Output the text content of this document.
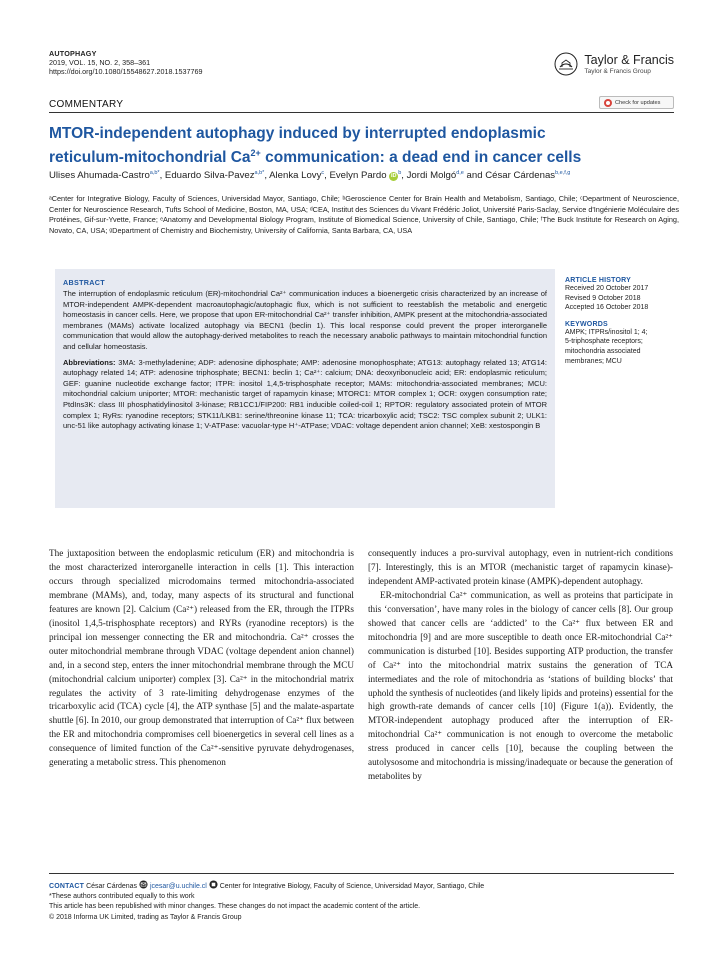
AUTOPHAGY
2019, VOL. 15, NO. 2, 358–361
https://doi.org/10.1080/15548627.2018.1537769
Taylor & Francis
Taylor & Francis Group
COMMENTARY	Check for updates
MTOR-independent autophagy induced by interrupted endoplasmic
reticulum-mitochondrial $Ca^{2+}$ communication: a dead end in cancer cells
Ulises Ahumada-Castro$^{a,b*}$, Eduardo Silva-Pavez$^{a,b*}$, Alenka Lovy$^c$, Evelyn Pardo $iD^b$, Jordi Molgó$^{d,e}$ and César Cárdenas$^{b,e,f,g}$
ᵃCenter for Integrative Biology, Faculty of Sciences, Universidad Mayor, Santiago, Chile; ᵇGeroscience Center for Brain Health and Metabolism, Santiago, Chile; ᶜDepartment of Neuroscience, Center for Neuroscience Research, Tufts School of Medicine, Boston, MA, USA; ᵈCEA, Institut des Sciences du Vivant Frédéric Joliot, Université Paris-Saclay, Service d'Ingénierie Moléculaire des Protéines, Gif-sur-Yvette, France; ᵉAnatomy and Developmental Biology Program, Institute of Biomedical Science, University of Chile, Santiago, Chile; ᶠThe Buck Institute for Research on Aging, Novato, CA, USA; ᵍDepartment of Chemistry and Biochemistry, University of California, Santa Barbara, CA, USA
ABSTRACT
The interruption of endoplasmic reticulum (ER)-mitochondrial Ca²⁺ communication induces a bioenergetic crisis characterized by an increase of MTOR-independent AMPK-dependent macroautophagic/autophagic flux, which is not sufficient to reestablish the metabolic and energetic homeostasis in cancer cells. Here, we propose that upon ER-mitochondrial Ca²⁺ transfer inhibition, AMPK present at the mitochondria-associated membranes (MAMs) activate localized autophagy via BECN1 (beclin 1). This local response could prevent the proper interorganelle communication that would allow the autophagy-derived metabolites to reach the necessary anabolic pathways to maintain mitochondrial function and cellular homeostasis.
Abbreviations: 3MA: 3-methyladenine; ADP: adenosine diphosphate; AMP: adenosine monophosphate; ATG13: autophagy related 13; ATG14: autophagy related 14; ATP: adenosine triphosphate; BECN1: beclin 1; Ca²⁺: calcium; DNA: deoxyribonucleic acid; ER: endoplasmic reticulum; GEF: guanine nucleotide exchange factor; ITPR: inositol 1,4,5-trisphosphate receptor; MAMs: mitochondria-associated membranes; MCU: mitochondrial calcium uniporter; MTOR: mechanistic target of rapamycin kinase; MTORC1: MTOR complex 1; OCR: oxygen consumption rate; PtdIns3K: class III phosphatidylinositol 3-kinase; RB1CC1/FIP200: RB1 inducible coiled-coil 1; RPTOR: regulatory associated protein of MTOR complex 1; RyRs: ryanodine receptors; STK11/LKB1: serine/threonine kinase 11; TCA: tricarboxylic acid; TSC2: TSC complex subunit 2; ULK1: unc-51 like autophagy activating kinase 1; V-ATPase: vacuolar-type H⁺-ATPase; VDAC: voltage dependent anion channel; XeB: xestospongin B
ARTICLE HISTORY
Received 20 October 2017
Revised 9 October 2018
Accepted 16 October 2018
KEYWORDS
AMPK; ITPRs/inositol 1; 4;
5-triphosphate receptors;
mitochondria associated
membranes; MCU

The juxtaposition between the endoplasmic reticulum (ER) and mitochondria is the most characterized interorganelle interaction in cells [1]. This interaction occurs through specialized microdomains termed mitochondria-associated membrane (MAMs), and, today, many aspects of its structural and functional features are known [2]. Calcium (Ca²⁺) released from the ER, through the ITPRs (inositol 1,4,5-trisphosphate receptors) and RYRs (ryanodine receptors) is the principal ion messenger connecting the ER and mitochondria. Ca²⁺ crosses the outer mitochondrial membrane through VDAC (voltage dependent anion channel) and, in a second step, enters the inner mitochondrial membrane through the MCU (mitochondrial calcium uniporter) complex [3]. Ca²⁺ in the mitochondrial matrix regulates the activity of 3 rate-limiting dehydrogenase enzymes of the tricarboxylic acid (TCA) cycle [4], the ATP synthase [5] and the malate-aspartate shuttle [6]. In 2010, our group demonstrated that interruption of Ca²⁺ flux between the ER and mitochondria compromises cell bioenergetics in several cell lines as a consequence of limited function of the Ca²⁺-sensitive pyruvate dehydrogenases, generating a metabolic stress. This phenomenon

consequently induces a pro-survival autophagy, even in nutrient-rich conditions [7]. Interestingly, this is an MTOR (mechanistic target of rapamycin kinase)-independent AMP-activated protein kinase (AMPK)-dependent autophagy.

ER-mitochondrial Ca²⁺ communication, as well as proteins that participate in this ‘conversation’, have many roles in the biology of cancer cells [8]. Our group showed that cancer cells are ‘addicted’ to the Ca²⁺ flux between ER and mitochondria [9] and are more susceptible to death once ER-mitochondrial Ca²⁺ communication is disturbed [10]. Besides supporting ATP production, the transfer of Ca²⁺ into the mitochondrial matrix sustains the generation of TCA intermediates and the role of mitochondria as ‘stations of building blocks’ that uphold the synthesis of nucleotides (and likely lipids and proteins) essential for the high growth-rate demands of cancer cells [10] (Figure 1(a)). Evidently, the MTOR-independent autophagy produced after the interruption of ER-mitochondrial Ca²⁺ communication is not enough to overcome the metabolic stress produced in cancer cells [10], because the coupling between the autolysosome and mitochondria is missing/inadequate or because the generation of metabolites by

CONTACT César Cárdenas jcesar@u.uchile.cl Center for Integrative Biology, Faculty of Science, Universidad Mayor, Santiago, Chile
*These authors contributed equally to this work
This article has been republished with minor changes. These changes do not impact the academic content of the article.
© 2018 Informa UK Limited, trading as Taylor & Francis Group
